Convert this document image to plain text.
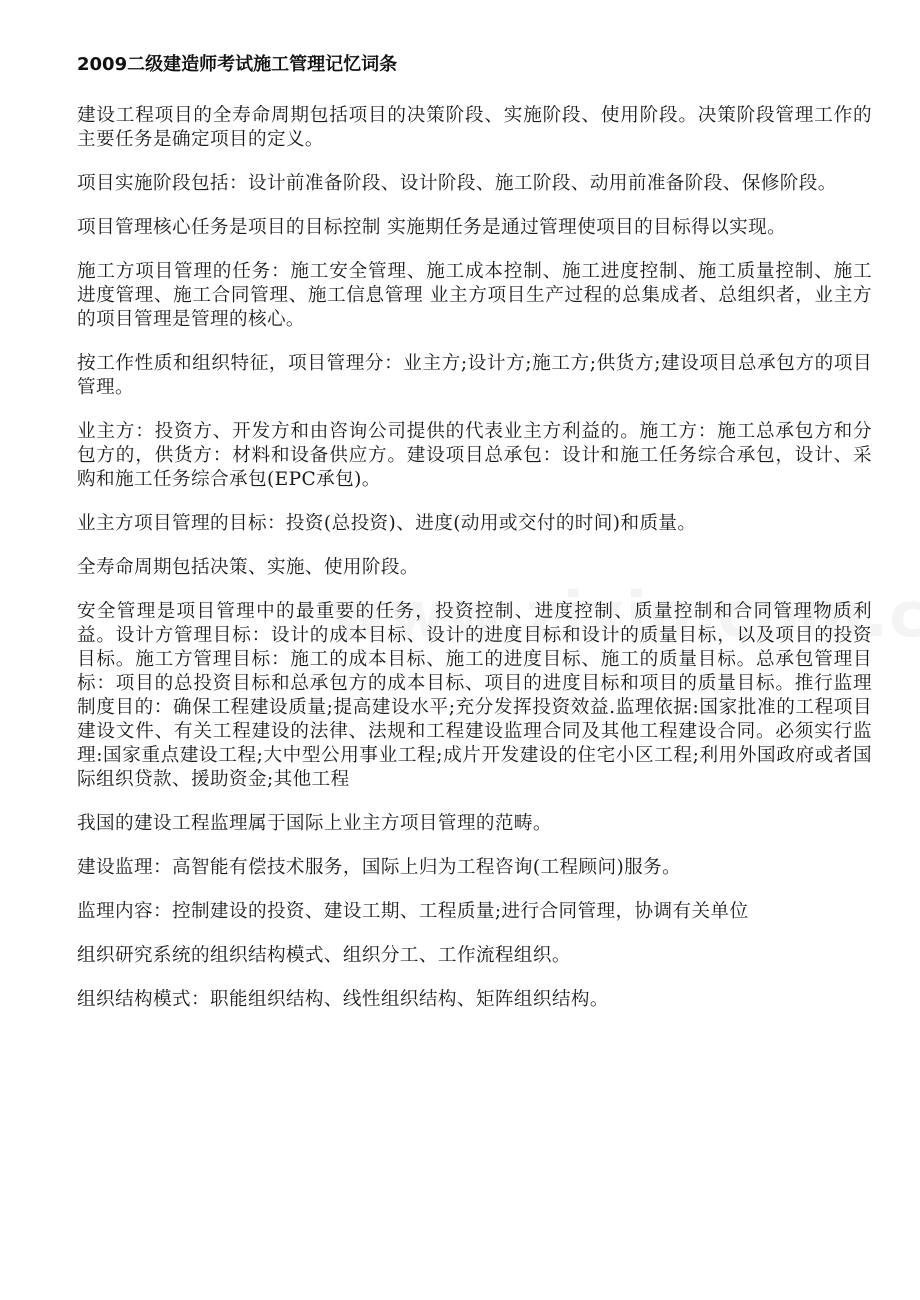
2009二级建造师考试施工管理记忆词条
建设工程项目的全寿命周期包括项目的决策阶段、实施阶段、使用阶段。决策阶段管理工作的主要任务是确定项目的定义。
项目实施阶段包括：设计前准备阶段、设计阶段、施工阶段、动用前准备阶段、保修阶段。
项目管理核心任务是项目的目标控制 实施期任务是通过管理使项目的目标得以实现。
施工方项目管理的任务：施工安全管理、施工成本控制、施工进度控制、施工质量控制、施工进度管理、施工合同管理、施工信息管理 业主方项目生产过程的总集成者、总组织者，业主方的项目管理是管理的核心。
按工作性质和组织特征，项目管理分：业主方;设计方;施工方;供货方;建设项目总承包方的项目管理。
业主方：投资方、开发方和由咨询公司提供的代表业主方利益的。施工方：施工总承包方和分包方的，供货方：材料和设备供应方。建设项目总承包：设计和施工任务综合承包，设计、采购和施工任务综合承包(EPC承包)。
业主方项目管理的目标：投资(总投资)、进度(动用或交付的时间)和质量。
全寿命周期包括决策、实施、使用阶段。
安全管理是项目管理中的最重要的任务，投资控制、进度控制、质量控制和合同管理物质利益。设计方管理目标：设计的成本目标、设计的进度目标和设计的质量目标，以及项目的投资目标。施工方管理目标：施工的成本目标、施工的进度目标、施工的质量目标。总承包管理目标：项目的总投资目标和总承包方的成本目标、项目的进度目标和项目的质量目标。推行监理制度目的：确保工程建设质量;提高建设水平;充分发挥投资效益.监理依据:国家批准的工程项目建设文件、有关工程建设的法律、法规和工程建设监理合同及其他工程建设合同。必须实行监理:国家重点建设工程;大中型公用事业工程;成片开发建设的住宅小区工程;利用外国政府或者国际组织贷款、援助资金;其他工程
我国的建设工程监理属于国际上业主方项目管理的范畴。
建设监理：高智能有偿技术服务，国际上归为工程咨询(工程顾问)服务。
监理内容：控制建设的投资、建设工期、工程质量;进行合同管理，协调有关单位
组织研究系统的组织结构模式、组织分工、工作流程组织。
组织结构模式：职能组织结构、线性组织结构、矩阵组织结构。
